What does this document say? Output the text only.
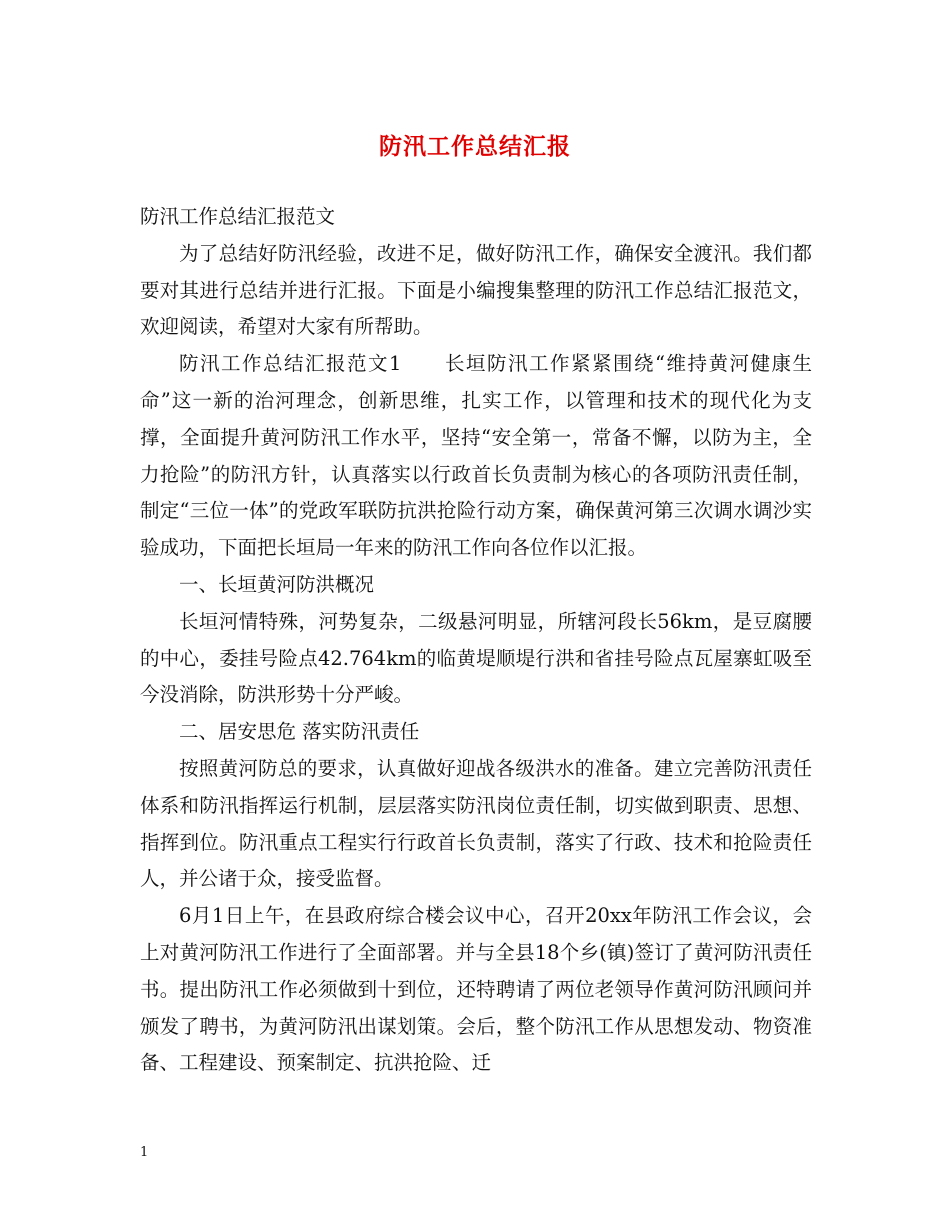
防汛工作总结汇报

防汛工作总结汇报范文

为了总结好防汛经验，改进不足，做好防汛工作，确保安全渡汛。我们都要对其进行总结并进行汇报。下面是小编搜集整理的防汛工作总结汇报范文，欢迎阅读，希望对大家有所帮助。

防汛工作总结汇报范文1　　长垣防汛工作紧紧围绕“维持黄河健康生命”这一新的治河理念，创新思维，扎实工作，以管理和技术的现代化为支撑，全面提升黄河防汛工作水平，坚持“安全第一，常备不懈，以防为主，全力抢险”的防汛方针，认真落实以行政首长负责制为核心的各项防汛责任制，制定“三位一体”的党政军联防抗洪抢险行动方案，确保黄河第三次调水调沙实验成功，下面把长垣局一年来的防汛工作向各位作以汇报。

一、长垣黄河防洪概况

长垣河情特殊，河势复杂，二级悬河明显，所辖河段长56km，是豆腐腰的中心，委挂号险点42.764km的临黄堤顺堤行洪和省挂号险点瓦屋寨虹吸至今没消除，防洪形势十分严峻。

二、居安思危 落实防汛责任

按照黄河防总的要求，认真做好迎战各级洪水的准备。建立完善防汛责任体系和防汛指挥运行机制，层层落实防汛岗位责任制，切实做到职责、思想、指挥到位。防汛重点工程实行行政首长负责制，落实了行政、技术和抢险责任人，并公诸于众，接受监督。

6月1日上午，在县政府综合楼会议中心，召开20xx年防汛工作会议，会上对黄河防汛工作进行了全面部署。并与全县18个乡(镇)签订了黄河防汛责任书。提出防汛工作必须做到十到位，还特聘请了两位老领导作黄河防汛顾问并颁发了聘书，为黄河防汛出谋划策。会后，整个防汛工作从思想发动、物资准备、工程建设、预案制定、抗洪抢险、迁

1
